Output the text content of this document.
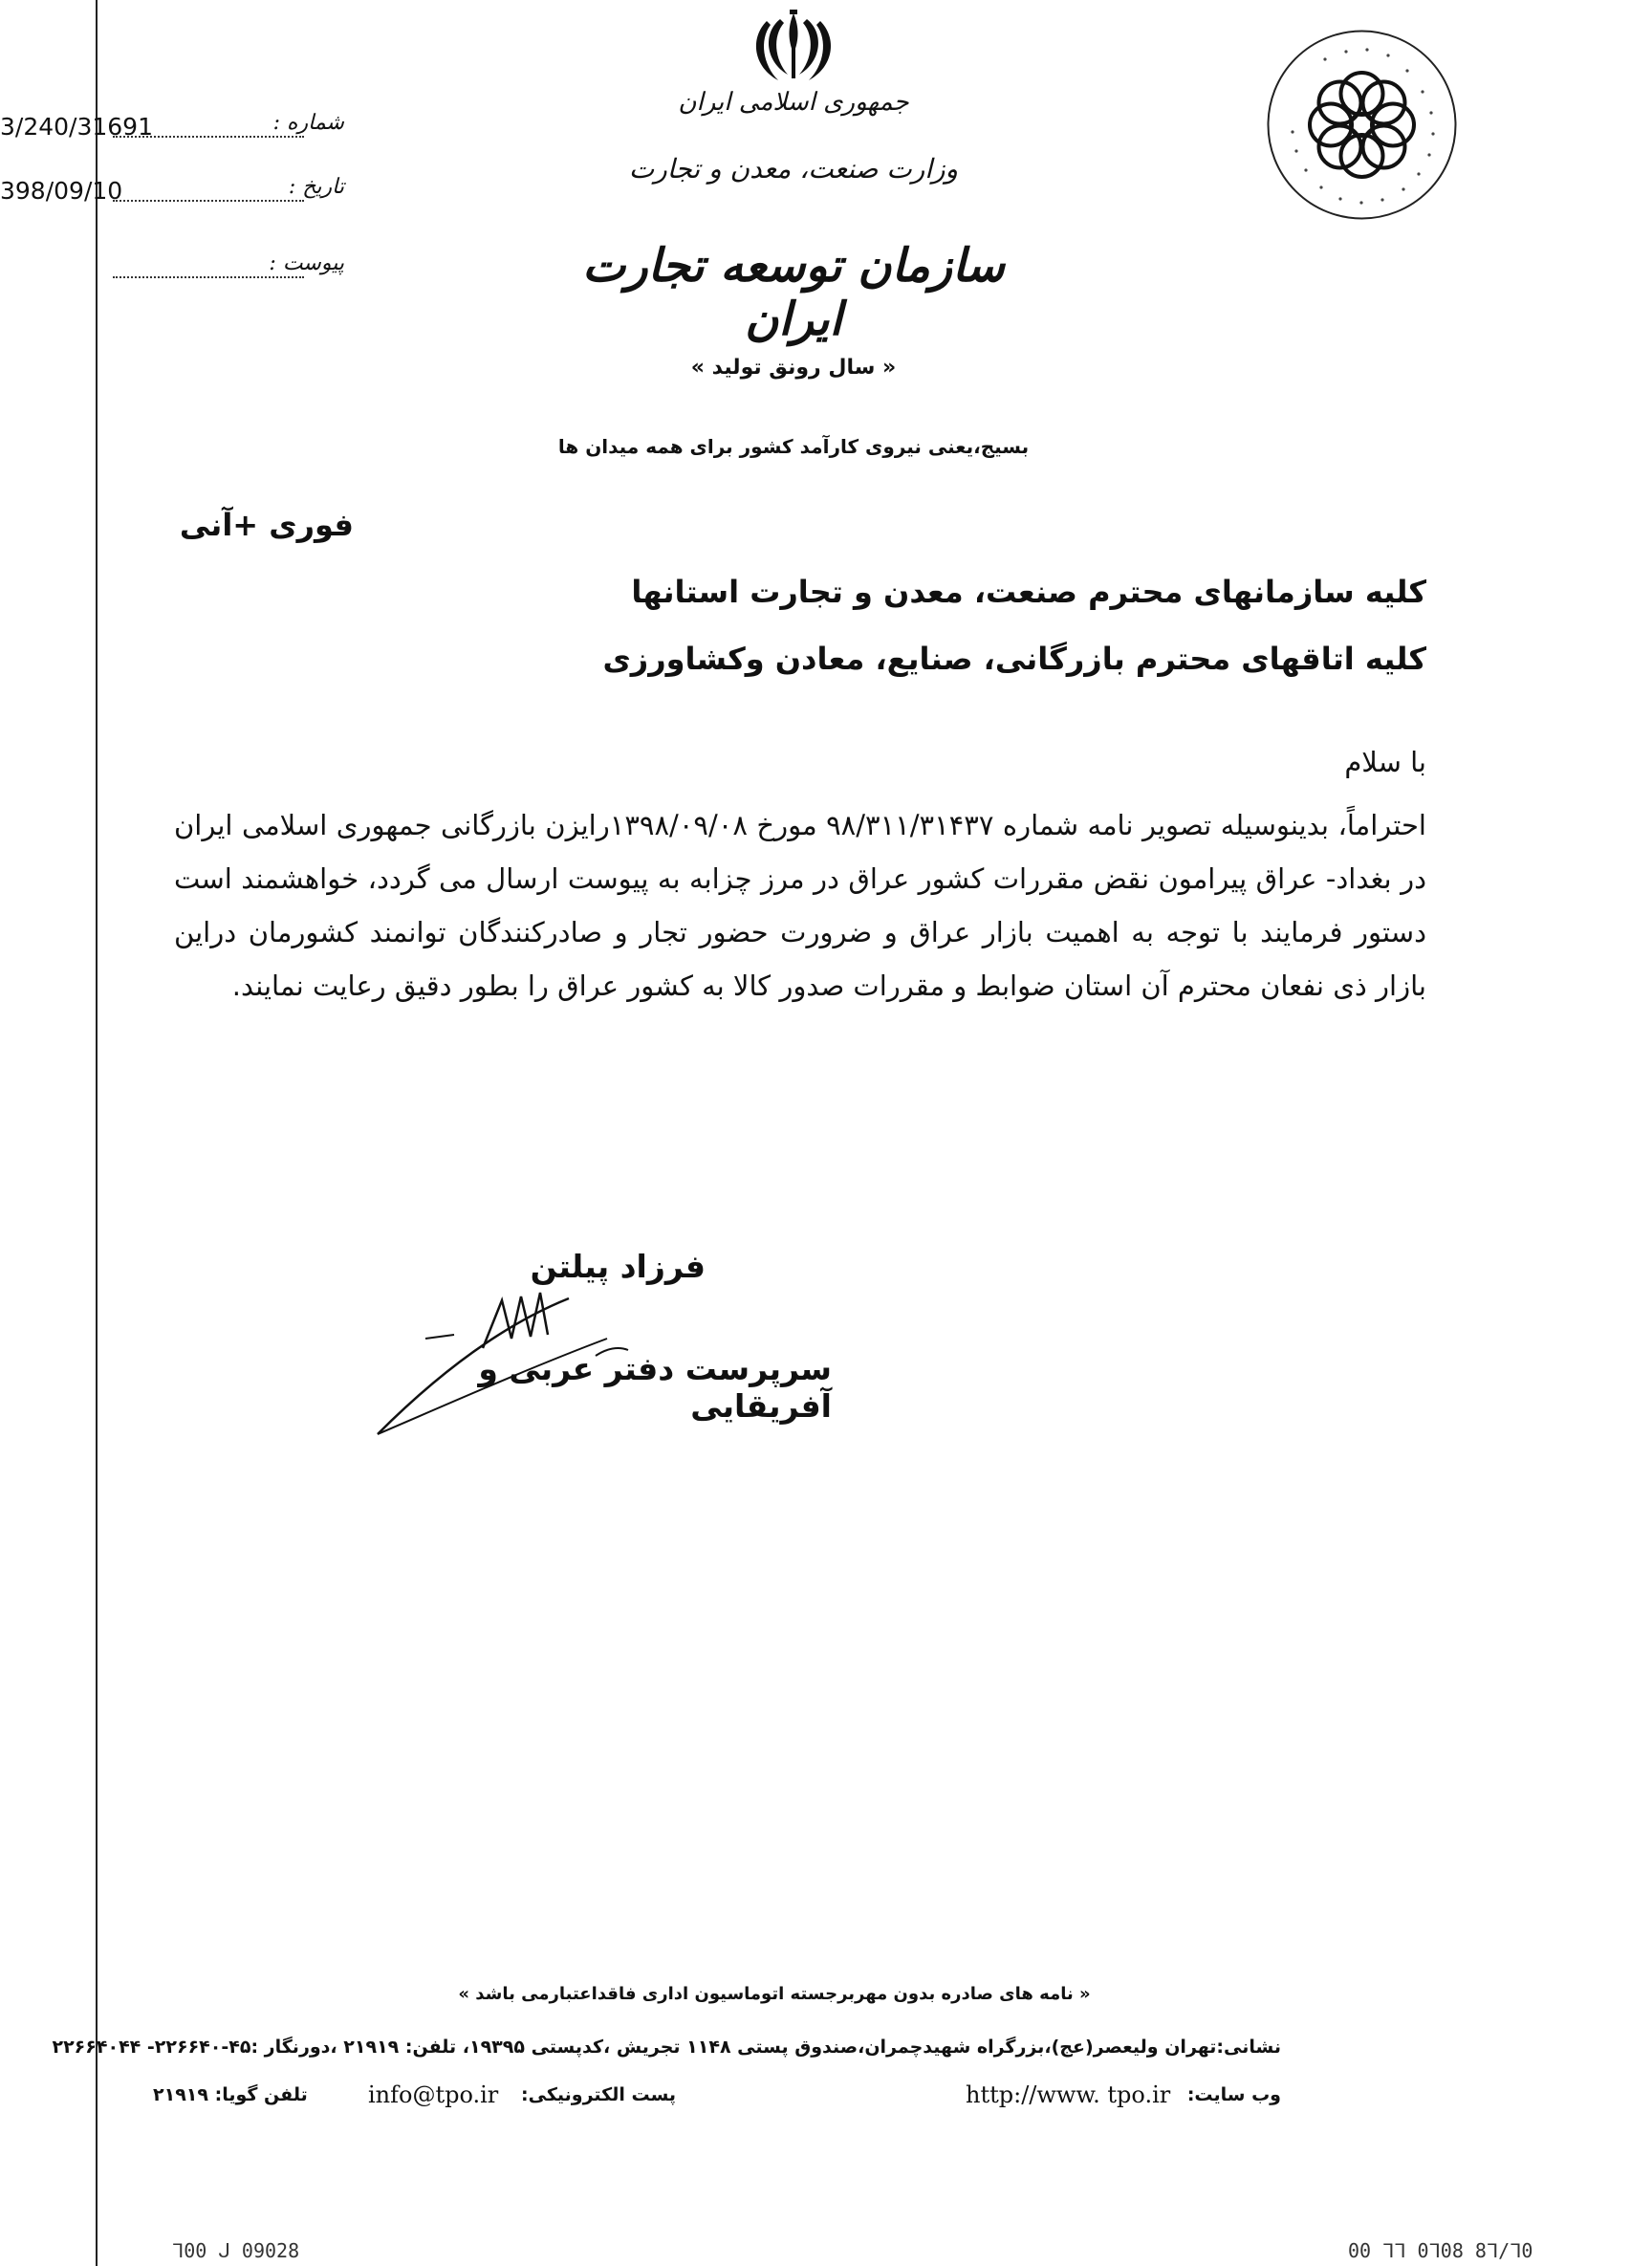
3/240/31691	شماره :
398/09/10	تاریخ :
پیوست :
جمهوری اسلامی ایران
وزارت صنعت، معدن و تجارت
سازمان توسعه تجارت ایران
« سال رونق تولید »
بسیج،یعنی نیروی کارآمد کشور برای همه میدان ها
فوری +آنی
کلیه سازمانهای محترم صنعت، معدن و تجارت استانها
کلیه اتاقهای محترم بازرگانی، صنایع، معادن وکشاورزی
با سلام
احتراماً، بدینوسیله تصویر نامه شماره ۹۸/۳۱۱/۳۱۴۳۷ مورخ ۱۳۹۸/۰۹/۰۸رایزن بازرگانی جمهوری اسلامی ایران در بغداد- عراق پیرامون نقض مقررات کشور عراق در مرز چزابه به پیوست ارسال می گردد، خواهشمند است دستور فرمایند با توجه به اهمیت بازار عراق و ضرورت حضور تجار و صادرکنندگان توانمند کشورمان دراین بازار ذی نفعان محترم آن استان ضوابط و مقررات صدور کالا به کشور عراق را بطور دقیق رعایت نمایند.
فرزاد پیلتن
سرپرست دفتر عربی و آفریقایی
« نامه های صادره بدون مهربرجسته اتوماسیون اداری فاقداعتبارمی باشد »
نشانی:تهران ولیعصر(عج)،بزرگراه شهیدچمران،صندوق پستی ۱۱۴۸ تجریش ،کدپستی ۱۹۳۹۵، تلفن: ۲۱۹۱۹ ،دورنگار :۴۵-۲۲۶۶۴۰- ۲۲۶۶۴۰۴۴
وب سایت:
http://www. tpo.ir
info@tpo.ir پست الکترونیکی:
تلفن گویا: ۲۱۹۱۹
ᒣ00 ᒍ 09028	00 ᒣᒣ 0ᒣ08 8ᒣ/ᒣ0
